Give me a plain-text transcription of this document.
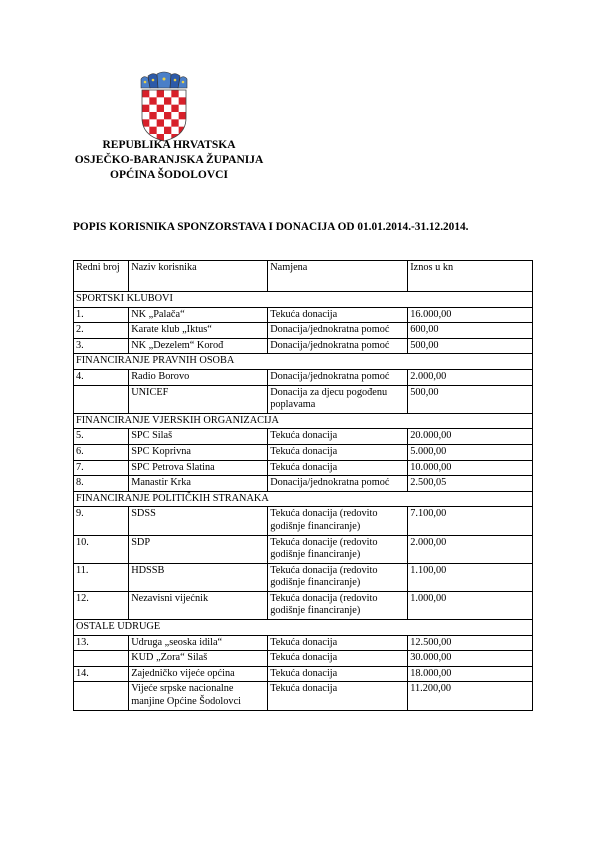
REPUBLIKA HRVATSKA
OSJEČKO-BARANJSKA ŽUPANIJA
OPĆINA ŠODOLOVCI
POPIS KORISNIKA SPONZORSTAVA I DONACIJA OD 01.01.2014.-31.12.2014.
Redni broj	Naziv korisnika	Namjena	Iznos u kn
SPORTSKI KLUBOVI			
1.	NK „Palača“	Tekuća donacija	16.000,00
2.	Karate klub „Iktus“	Donacija/jednokratna pomoć	600,00
3.	NK „Dezelem“ Korođ	Donacija/jednokratna pomoć	500,00
FINANCIRANJE PRAVNIH OSOBA			
4.	Radio Borovo	Donacija/jednokratna pomoć	2.000,00
	UNICEF	Donacija za djecu pogođenu poplavama	500,00
FINANCIRANJE VJERSKIH ORGANIZACIJA			
5.	SPC Silaš	Tekuća donacija	20.000,00
6.	SPC Koprivna	Tekuća donacija	5.000,00
7.	SPC Petrova Slatina	Tekuća donacija	10.000,00
8.	Manastir Krka	Donacija/jednokratna pomoć	2.500,05
FINANCIRANJE POLITIČKIH STRANAKA			
9.	SDSS	Tekuća donacija (redovito godišnje financiranje)	7.100,00
10.	SDP	Tekuća donacije (redovito godišnje financiranje)	2.000,00
11.	HDSSB	Tekuća donacija (redovito godišnje financiranje)	1.100,00
12.	Nezavisni vijećnik	Tekuća donacija (redovito godišnje financiranje)	1.000,00
OSTALE UDRUGE			
13.	Udruga „seoska idila“	Tekuća donacija	12.500,00
	KUD „Zora“ Silaš	Tekuća donacija	30.000,00
14.	Zajedničko vijeće općina	Tekuća donacija	18.000,00
	Vijeće srpske nacionalne manjine Općine Šodolovci	Tekuća donacija	11.200,00
